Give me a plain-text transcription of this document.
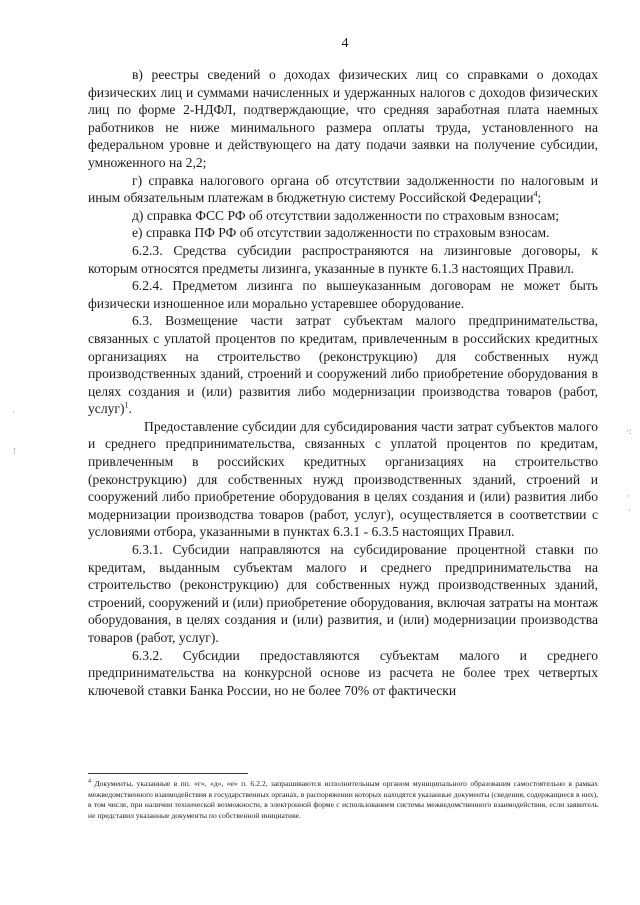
4

в) реестры сведений о доходах физических лиц со справками о доходах физических лиц и суммами начисленных и удержанных налогов с доходов физических лиц по форме 2-НДФЛ, подтверждающие, что средняя заработная плата наемных работников не ниже минимального размера оплаты труда, установленного на федеральном уровне и действующего на дату подачи заявки на получение субсидии, умноженного на 2,2;

г) справка налогового органа об отсутствии задолженности по налоговым и иным обязательным платежам в бюджетную систему Российской Федерации$^4$;

д) справка ФСС РФ об отсутствии задолженности по страховым взносам;

е) справка ПФ РФ об отсутствии задолженности по страховым взносам.

6.2.3. Средства субсидии распространяются на лизинговые договоры, к которым относятся предметы лизинга, указанные в пункте 6.1.3 настоящих Правил.

6.2.4. Предметом лизинга по вышеуказанным договорам не может быть физически изношенное или морально устаревшее оборудование.

6.3. Возмещение части затрат субъектам малого предпринимательства, связанных с уплатой процентов по кредитам, привлеченным в российских кредитных организациях на строительство (реконструкцию) для собственных нужд производственных зданий, строений и сооружений либо приобретение оборудования в целях создания и (или) развития либо модернизации производства товаров (работ, услуг)$^1$.

Предоставление субсидии для субсидирования части затрат субъектов малого и среднего предпринимательства, связанных с уплатой процентов по кредитам, привлеченным в российских кредитных организациях на строительство (реконструкцию) для собственных нужд производственных зданий, строений и сооружений либо приобретение оборудования в целях создания и (или) развития либо модернизации производства товаров (работ, услуг), осуществляется в соответствии с условиями отбора, указанными в пунктах 6.3.1 - 6.3.5 настоящих Правил.

6.3.1. Субсидии направляются на субсидирование процентной ставки по кредитам, выданным субъектам малого и среднего предпринимательства на строительство (реконструкцию) для собственных нужд производственных зданий, строений, сооружений и (или) приобретение оборудования, включая затраты на монтаж оборудования, в целях создания и (или) развития, и (или) модернизации производства товаров (работ, услуг).

6.3.2. Субсидии предоставляются субъектам малого и среднего предпринимательства на конкурсной основе из расчета не более трех четвертых ключевой ставки Банка России, но не более 70% от фактически

$^4$ Документы, указанные в пп. «г», «д», «е» п. 6.2.2, запрашиваются исполнительным органом муниципального образования самостоятельно в рамках межведомственного взаимодействия в государственных органах, в распоряжении которых находятся указанные документы (сведения, содержащиеся в них), в том числе, при наличии технической возможности, в электронной форме с использованием системы межведомственного взаимодействия, если заявитель не представил указанные документы по собственной инициативе.
·
⁝
·:
·
·
